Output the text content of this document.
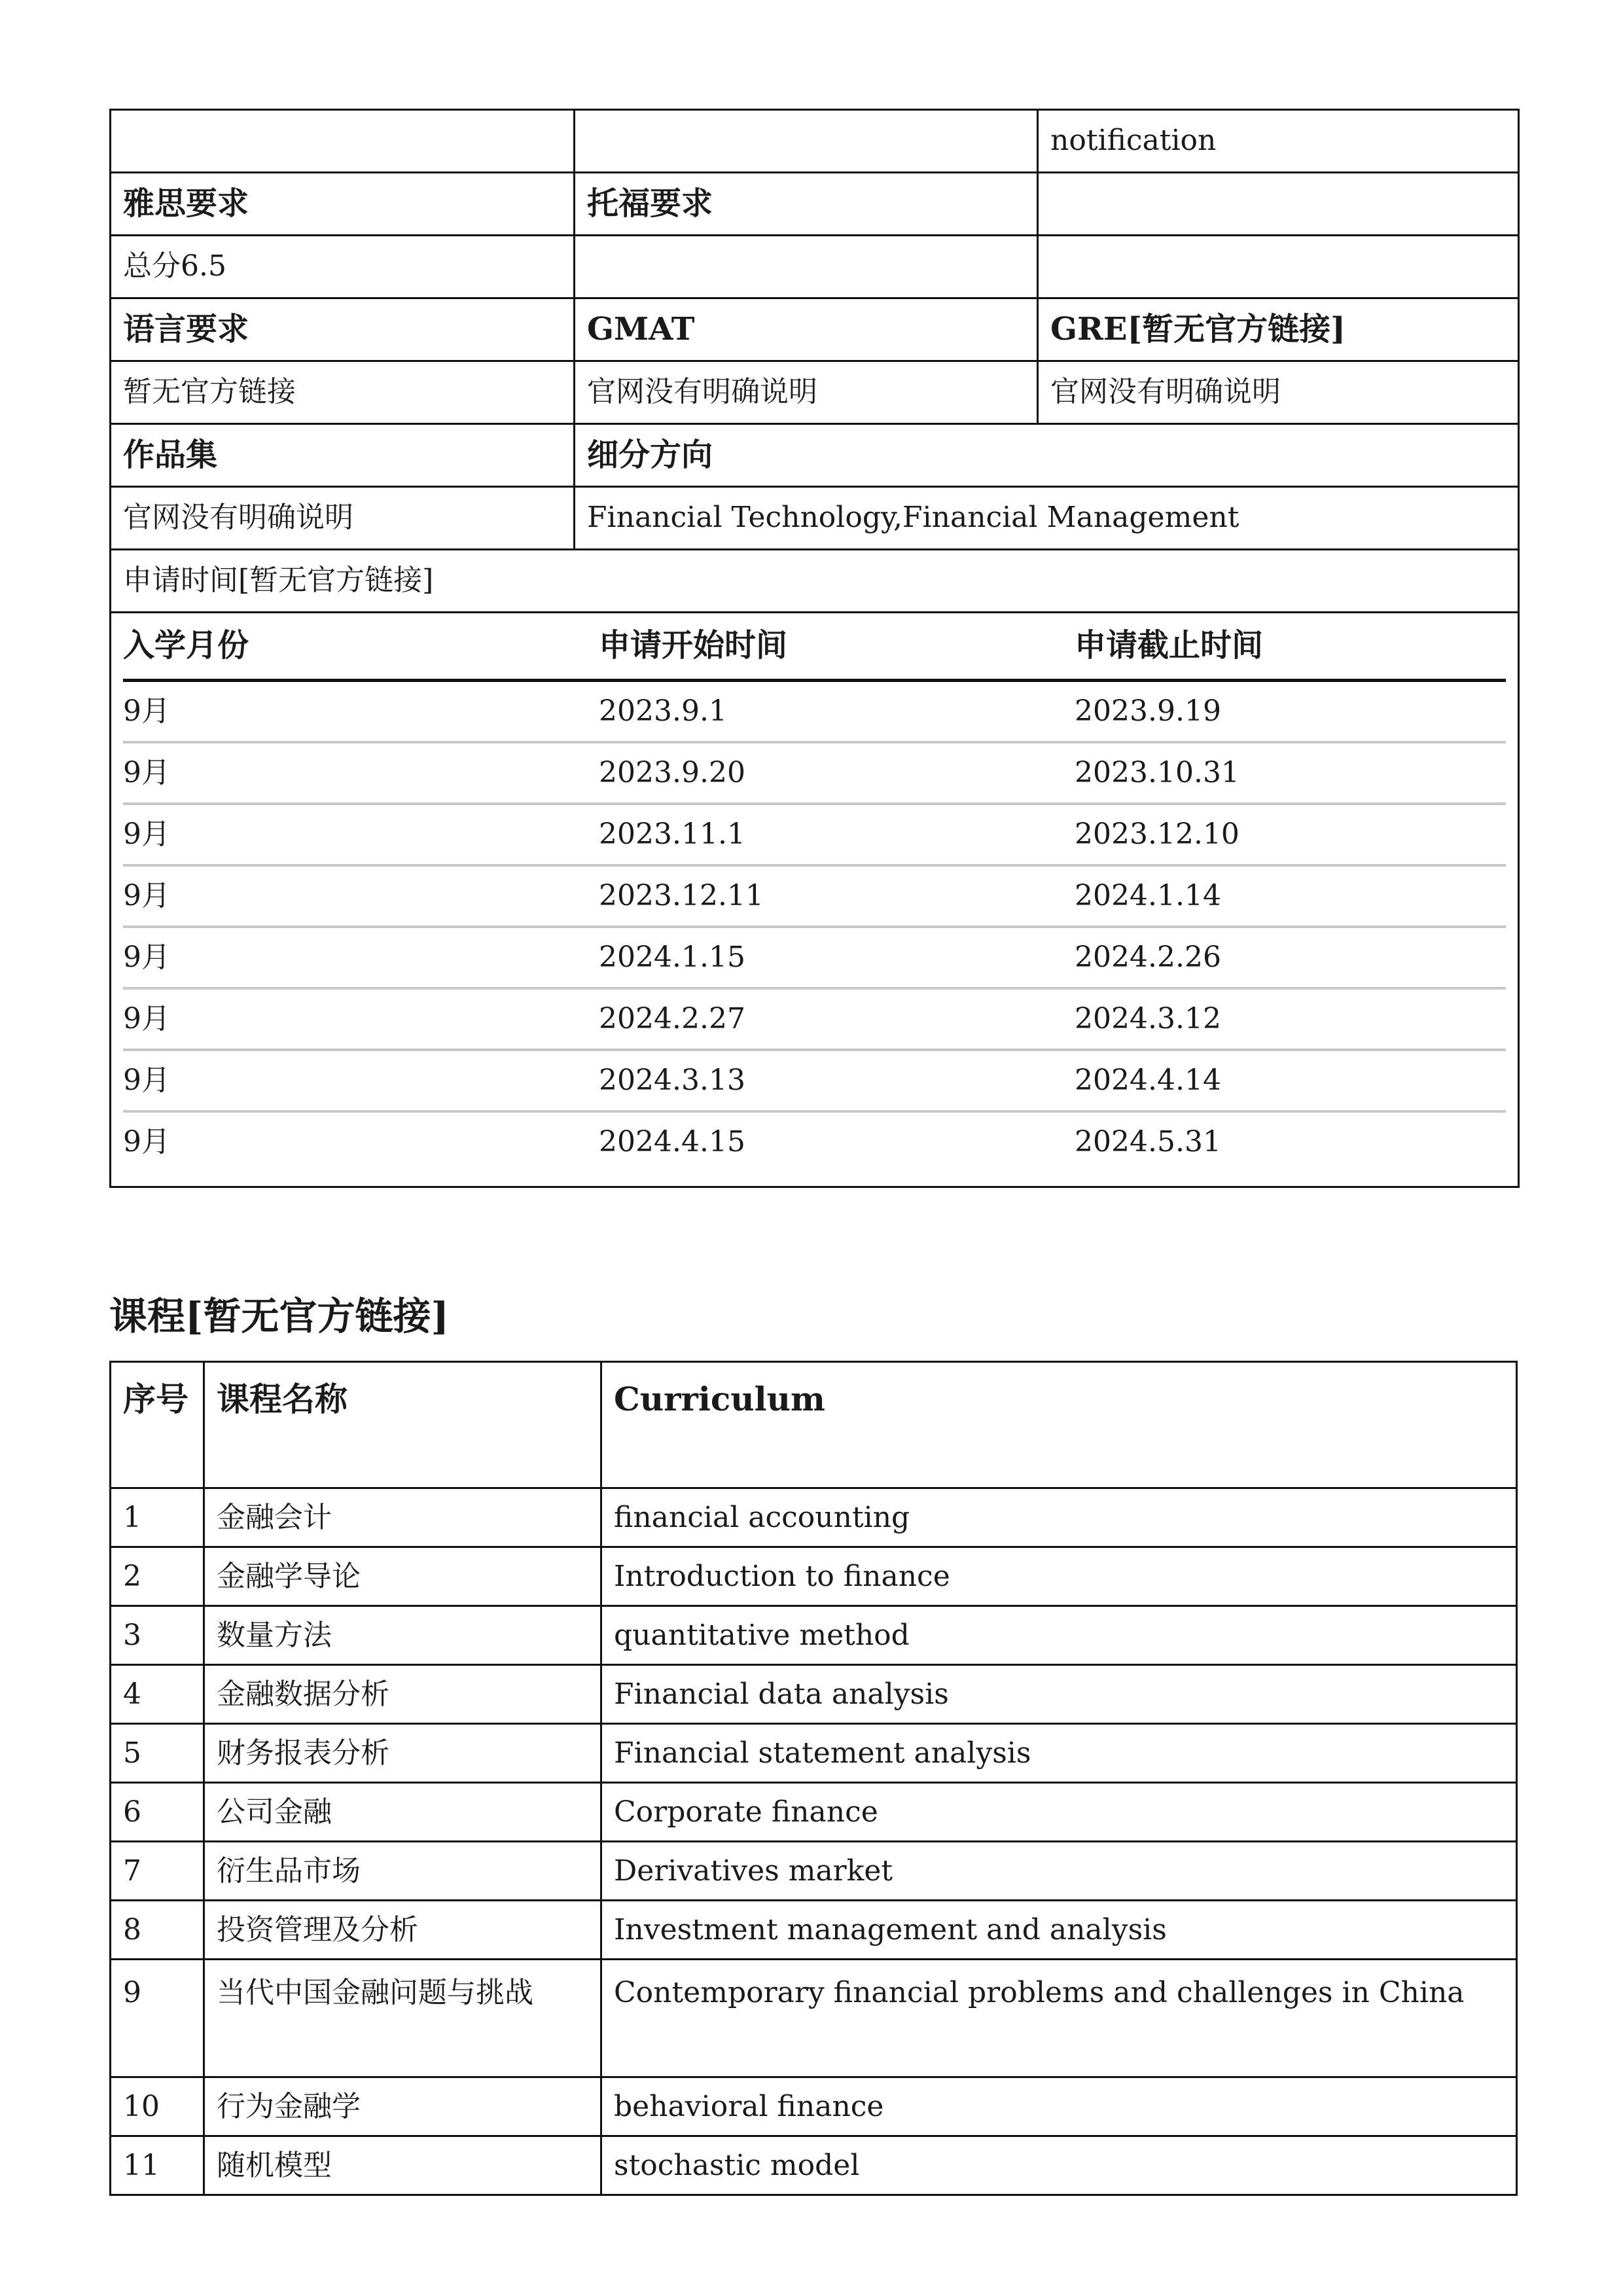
		notification
雅思要求	托福要求	
总分6.5		
语言要求	GMAT	GRE[暂无官方链接]
暂无官方链接	官网没有明确说明	官网没有明确说明
作品集	细分方向
官网没有明确说明	Financial Technology,Financial Management
申请时间[暂无官方链接]

入学月份	申请开始时间	申请截止时间
9月	2023.9.1	2023.9.19
9月	2023.9.20	2023.10.31
9月	2023.11.1	2023.12.10
9月	2023.12.11	2024.1.14
9月	2024.1.15	2024.2.26
9月	2024.2.27	2024.3.12
9月	2024.3.13	2024.4.14
9月	2024.4.15	2024.5.31
课程[暂无官方链接]
序号	课程名称	Curriculum
1	金融会计	financial accounting
2	金融学导论	Introduction to finance
3	数量方法	quantitative method
4	金融数据分析	Financial data analysis
5	财务报表分析	Financial statement analysis
6	公司金融	Corporate finance
7	衍生品市场	Derivatives market
8	投资管理及分析	Investment management and analysis
9	当代中国金融问题与挑战	Contemporary financial problems and challenges in China
10	行为金融学	behavioral finance
11	随机模型	stochastic model
